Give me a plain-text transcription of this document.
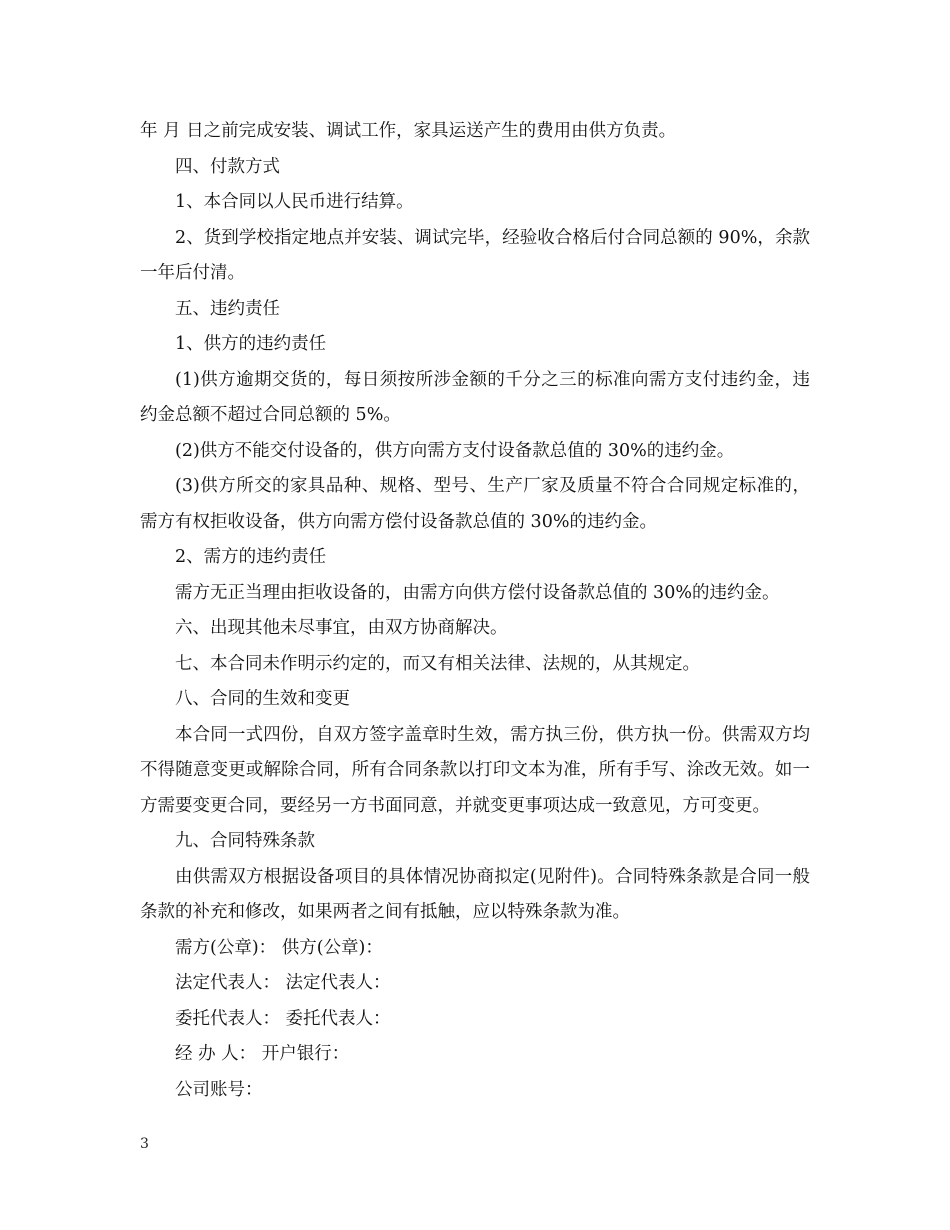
年 月 日之前完成安装、调试工作，家具运送产生的费用由供方负责。

四、付款方式

1、本合同以人民币进行结算。

2、货到学校指定地点并安装、调试完毕，经验收合格后付合同总额的 90%，余款一年后付清。

五、违约责任

1、供方的违约责任

(1)供方逾期交货的，每日须按所涉金额的千分之三的标准向需方支付违约金，违约金总额不超过合同总额的 5%。

(2)供方不能交付设备的，供方向需方支付设备款总值的 30%的违约金。

(3)供方所交的家具品种、规格、型号、生产厂家及质量不符合合同规定标准的，需方有权拒收设备，供方向需方偿付设备款总值的 30%的违约金。

2、需方的违约责任

需方无正当理由拒收设备的，由需方向供方偿付设备款总值的 30%的违约金。

六、出现其他未尽事宜，由双方协商解决。

七、本合同未作明示约定的，而又有相关法律、法规的，从其规定。

八、合同的生效和变更

本合同一式四份，自双方签字盖章时生效，需方执三份，供方执一份。供需双方均不得随意变更或解除合同，所有合同条款以打印文本为准，所有手写、涂改无效。如一方需要变更合同，要经另一方书面同意，并就变更事项达成一致意见，方可变更。

九、合同特殊条款

由供需双方根据设备项目的具体情况协商拟定(见附件)。合同特殊条款是合同一般条款的补充和修改，如果两者之间有抵触，应以特殊条款为准。

需方(公章)： 供方(公章)：

法定代表人： 法定代表人：

委托代表人： 委托代表人：

经 办 人： 开户银行：

公司账号：

3
